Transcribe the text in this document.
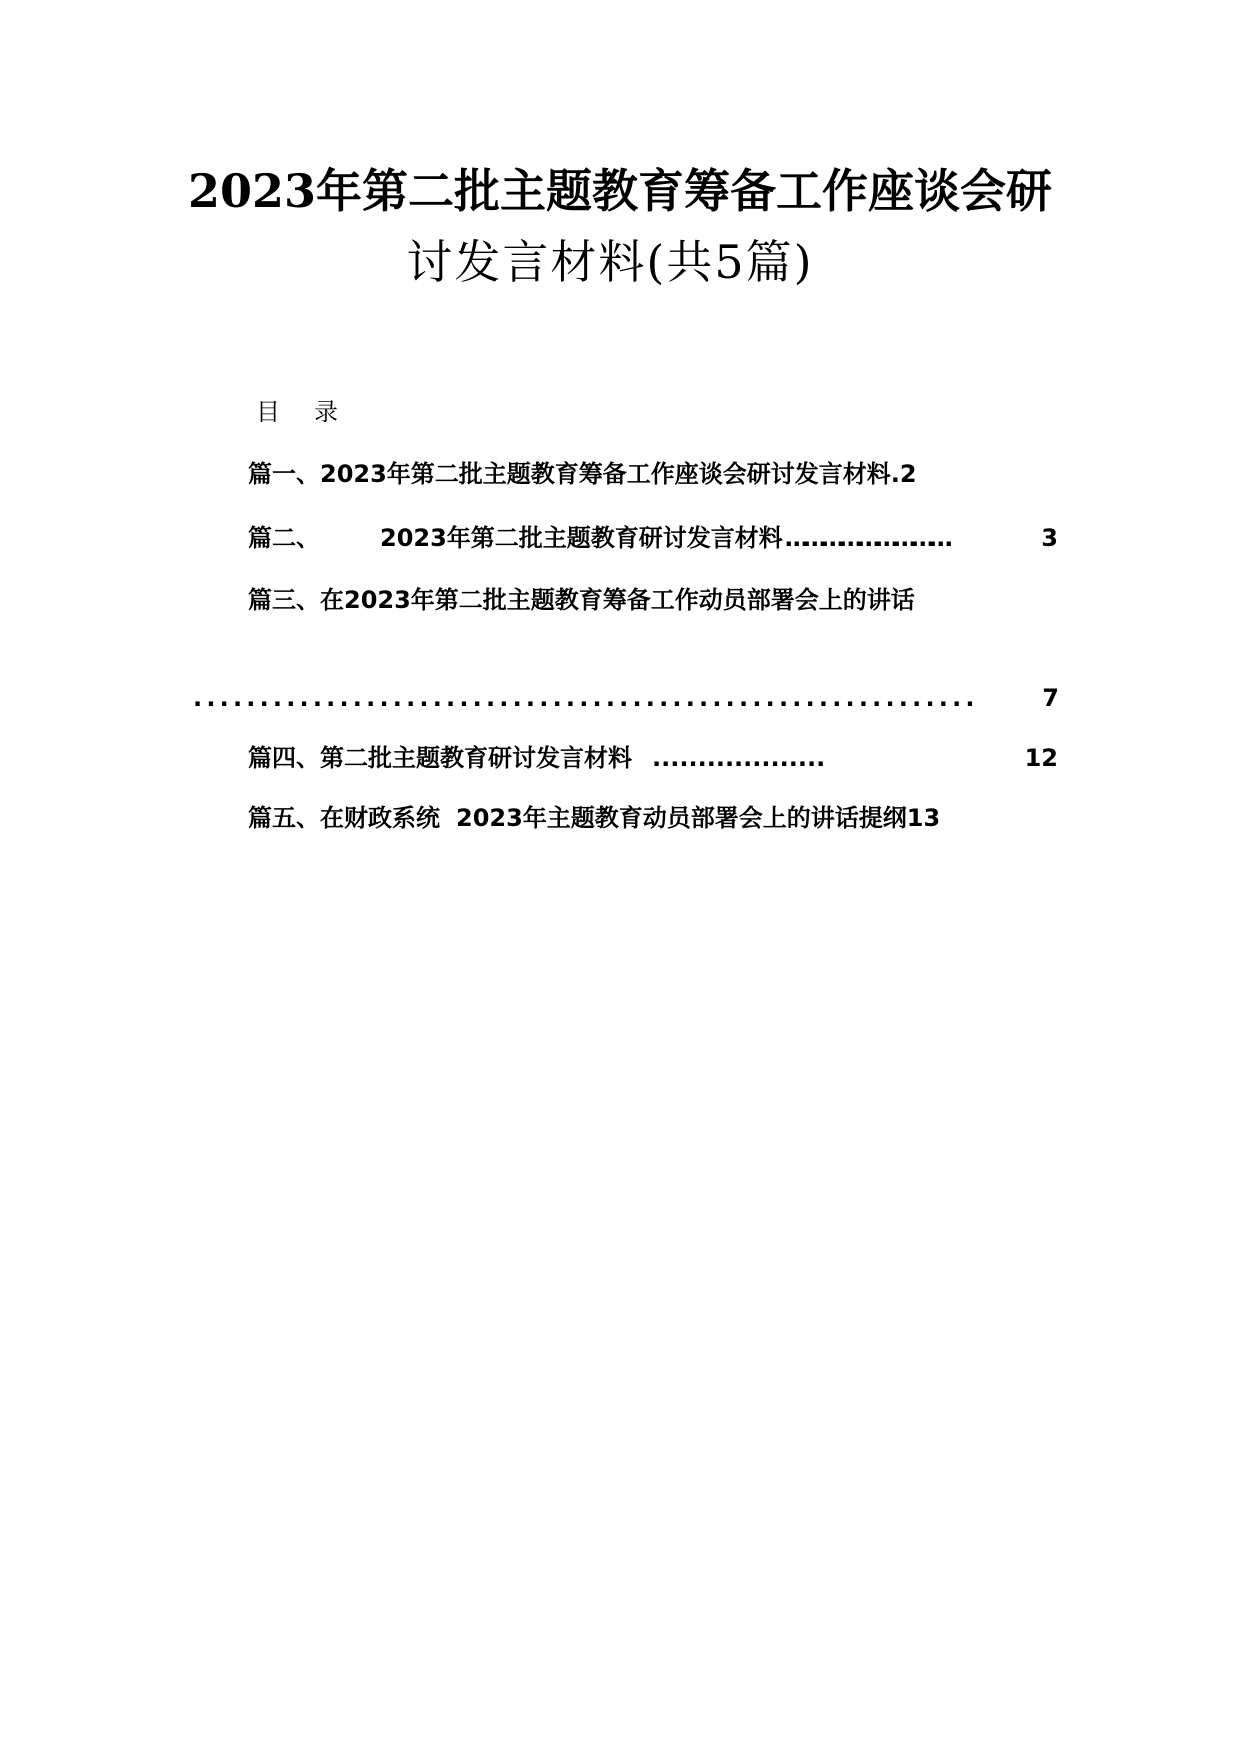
2023年第二批主题教育筹备工作座谈会研
讨发言材料(共5篇)
目 录
篇一、2023年第二批主题教育筹备工作座谈会研讨发言材料 . 2
篇二、	2023年第二批主题教育研讨发言材料 ………………………	3
篇三、在2023年第二批主题教育筹备工作动员部署会上的讲话
...........................................................	7
篇四、第二批主题教育研讨发言材料 ...................	12
篇五、在财政系统 2023年主题教育动员部署会上的讲话提纲 13
